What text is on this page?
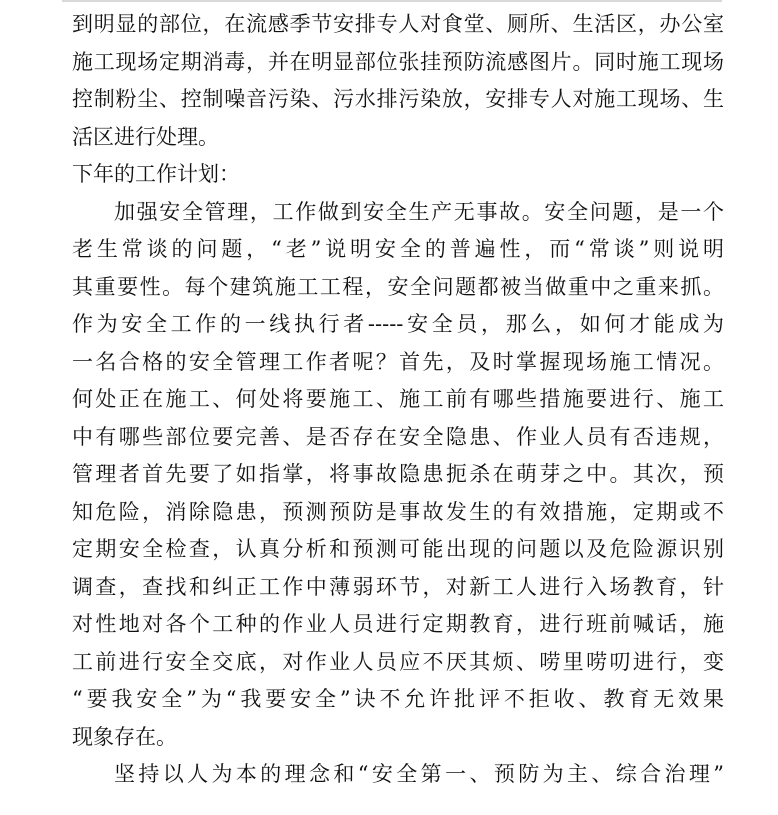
到明显的部位，在流感季节安排专人对食堂、厕所、生活区，办公室
施工现场定期消毒，并在明显部位张挂预防流感图片。同时施工现场
控制粉尘、控制噪音污染、污水排污染放，安排专人对施工现场、生
活区进行处理。
下年的工作计划：
加强安全管理，工作做到安全生产无事故。安全问题，是一个
老生常谈的问题，“老”说明安全的普遍性，而“常谈”则说明
其重要性。每个建筑施工工程，安全问题都被当做重中之重来抓。
作为安全工作的一线执行者-----安全员，那么，如何才能成为
一名合格的安全管理工作者呢？首先，及时掌握现场施工情况。
何处正在施工、何处将要施工、施工前有哪些措施要进行、施工
中有哪些部位要完善、是否存在安全隐患、作业人员有否违规，
管理者首先要了如指掌，将事故隐患扼杀在萌芽之中。其次，预
知危险，消除隐患，预测预防是事故发生的有效措施，定期或不
定期安全检查，认真分析和预测可能出现的问题以及危险源识别
调查，查找和纠正工作中薄弱环节，对新工人进行入场教育，针
对性地对各个工种的作业人员进行定期教育，进行班前喊话，施
工前进行安全交底，对作业人员应不厌其烦、唠里唠叨进行，变
“要我安全”为“我要安全”诀不允许批评不拒收、教育无效果
现象存在。
坚持以人为本的理念和“安全第一、预防为主、综合治理”
